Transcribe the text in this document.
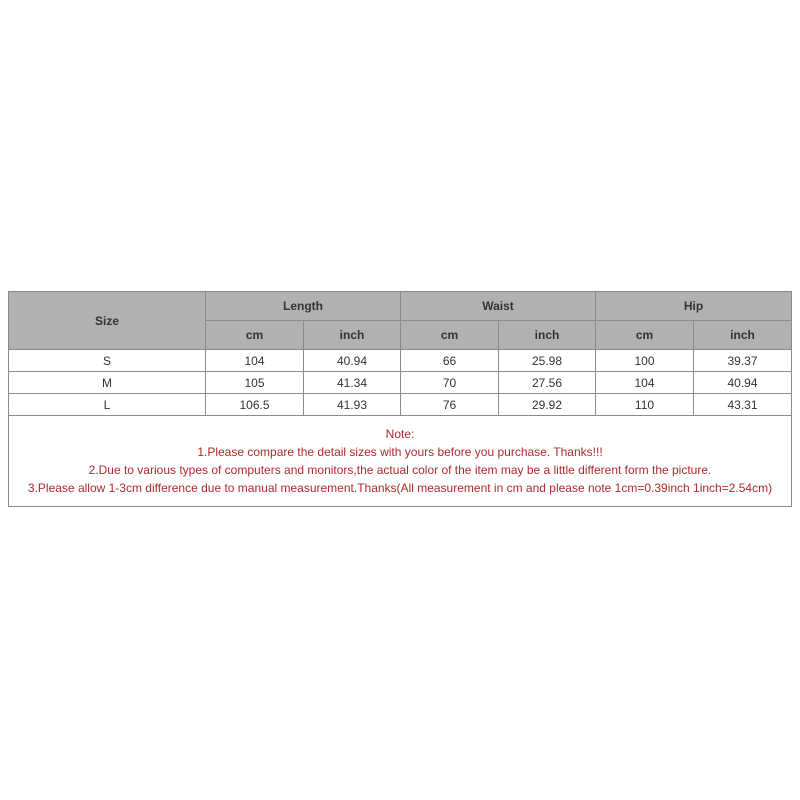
Size	Length		Waist		Hip	
	cm	inch	cm	inch	cm	inch
S	104	40.94	66	25.98	100	39.37
M	105	41.34	70	27.56	104	40.94
L	106.5	41.93	76	29.92	110	43.31

Note:
1.Please compare the detail sizes with yours before you purchase. Thanks!!!
2.Due to various types of computers and monitors,the actual color of the item may be a little different form the picture.
3.Please allow 1-3cm difference due to manual measurement.Thanks(All measurement in cm and please note 1cm=0.39inch 1inch=2.54cm)						
